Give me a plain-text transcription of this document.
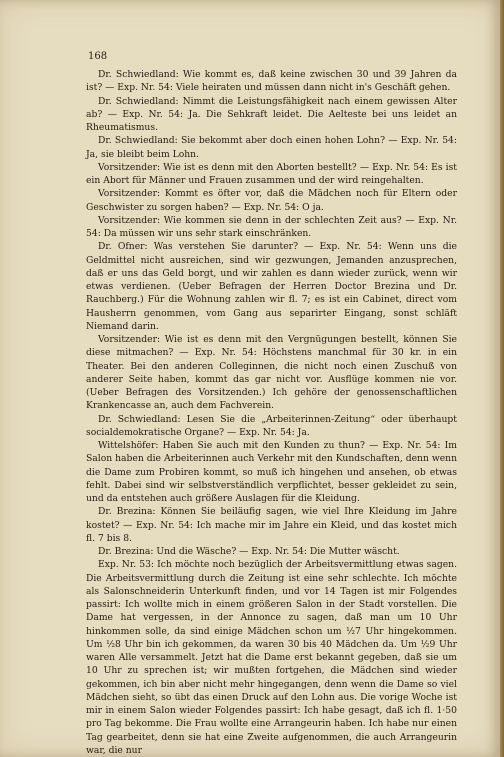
168

Dr. Schwiedland: Wie kommt es, daß keine zwischen 30 und 39 Jahren da ist? — Exp. Nr. 54: Viele heiraten und müssen dann nicht in's Geschäft gehen.

Dr. Schwiedland: Nimmt die Leistungsfähigkeit nach einem gewissen Alter ab? — Exp. Nr. 54: Ja. Die Sehkraft leidet. Die Aelteste bei uns leidet an Rheumatismus.

Dr. Schwiedland: Sie bekommt aber doch einen hohen Lohn? — Exp. Nr. 54: Ja, sie bleibt beim Lohn.

Vorsitzender: Wie ist es denn mit den Aborten bestellt? — Exp. Nr. 54: Es ist ein Abort für Männer und Frauen zusammen und der wird reingehalten.

Vorsitzender: Kommt es öfter vor, daß die Mädchen noch für Eltern oder Geschwister zu sorgen haben? — Exp. Nr. 54: O ja.

Vorsitzender: Wie kommen sie denn in der schlechten Zeit aus? — Exp. Nr. 54: Da müssen wir uns sehr stark einschränken.

Dr. Ofner: Was verstehen Sie darunter? — Exp. Nr. 54: Wenn uns die Geldmittel nicht ausreichen, sind wir gezwungen, Jemanden anzusprechen, daß er uns das Geld borgt, und wir zahlen es dann wieder zurück, wenn wir etwas verdienen. (Ueber Befragen der Herren Doctor Brezina und Dr. Rauchberg.) Für die Wohnung zahlen wir fl. 7; es ist ein Cabinet, direct vom Hausherrn genommen, vom Gang aus separirter Eingang, sonst schläft Niemand darin.

Vorsitzender: Wie ist es denn mit den Vergnügungen bestellt, können Sie diese mitmachen? — Exp. Nr. 54: Höchstens manchmal für 30 kr. in ein Theater. Bei den anderen Colleginnen, die nicht noch einen Zuschuß von anderer Seite haben, kommt das gar nicht vor. Ausflüge kommen nie vor. (Ueber Befragen des Vorsitzenden.) Ich gehöre der genossenschaftlichen Krankencasse an, auch dem Fachverein.

Dr. Schwiedland: Lesen Sie die „Arbeiterinnen-Zeitung“ oder überhaupt socialdemokratische Organe? — Exp. Nr. 54: Ja.

Wittelshöfer: Haben Sie auch mit den Kunden zu thun? — Exp. Nr. 54: Im Salon haben die Arbeiterinnen auch Verkehr mit den Kundschaften, denn wenn die Dame zum Probiren kommt, so muß ich hingehen und ansehen, ob etwas fehlt. Dabei sind wir selbstverständlich verpflichtet, besser gekleidet zu sein, und da entstehen auch größere Auslagen für die Kleidung.

Dr. Brezina: Können Sie beiläufig sagen, wie viel Ihre Kleidung im Jahre kostet? — Exp. Nr. 54: Ich mache mir im Jahre ein Kleid, und das kostet mich fl. 7 bis 8.

Dr. Brezina: Und die Wäsche? — Exp. Nr. 54: Die Mutter wäscht.

Exp. Nr. 53: Ich möchte noch bezüglich der Arbeitsvermittlung etwas sagen. Die Arbeitsvermittlung durch die Zeitung ist eine sehr schlechte. Ich möchte als Salonschneiderin Unterkunft finden, und vor 14 Tagen ist mir Folgendes passirt: Ich wollte mich in einem größeren Salon in der Stadt vorstellen. Die Dame hat vergessen, in der Annonce zu sagen, daß man um 10 Uhr hinkommen solle, da sind einige Mädchen schon um ½7 Uhr hingekommen. Um ½8 Uhr bin ich gekommen, da waren 30 bis 40 Mädchen da. Um ½9 Uhr waren Alle versammelt. Jetzt hat die Dame erst bekannt gegeben, daß sie um 10 Uhr zu sprechen ist; wir mußten fortgehen, die Mädchen sind wieder gekommen, ich bin aber nicht mehr hingegangen, denn wenn die Dame so viel Mädchen sieht, so übt das einen Druck auf den Lohn aus. Die vorige Woche ist mir in einem Salon wieder Folgendes passirt: Ich habe gesagt, daß ich fl. 1·50 pro Tag bekomme. Die Frau wollte eine Arrangeurin haben. Ich habe nur einen Tag gearbeitet, denn sie hat eine Zweite aufgenommen, die auch Arrangeurin war, die nur
